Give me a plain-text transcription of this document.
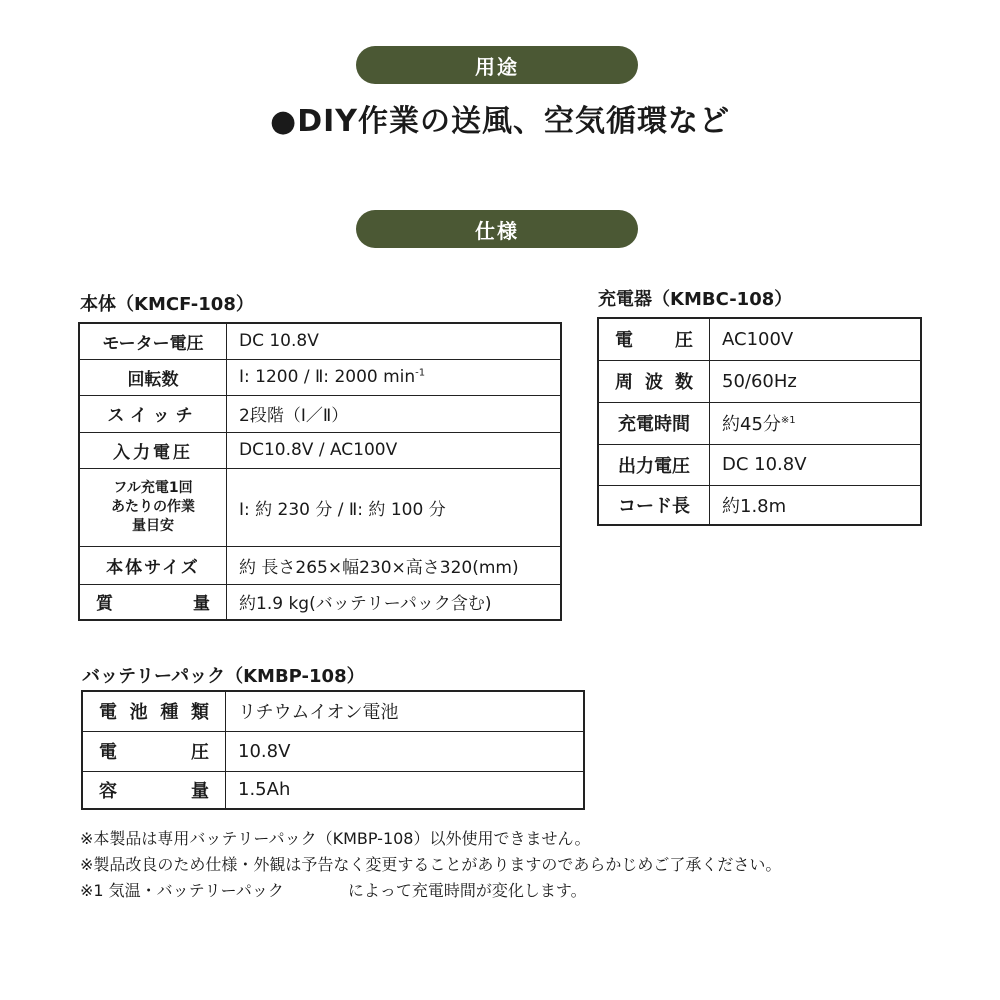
用途
●DIY作業の送風、空気循環など
仕様
本体（KMCF-108）
モーター電圧	DC 10.8V
回転数	Ⅰ: 1200 / Ⅱ: 2000 $\min^{-1}$
スイッチ	2段階（Ⅰ／Ⅱ）
入力電圧	DC10.8V / AC100V

フル充電1回
あたりの作業
量目安	Ⅰ: 約 230 分 / Ⅱ: 約 100 分
本体サイズ	約 長さ265×幅230×高さ320(mm)

質 量	約1.9 kg(バッテリーパック含む)
充電器（KMBC-108）
電 圧	AC100V

周 波 数	50/60Hz
充電時間	約45分$^{※1}$
出力電圧	DC 10.8V
コード長	約1.8m
バッテリーパック（KMBP-108）
電 池 種 類	リチウムイオン電池

電 圧	10.8V

容 量	1.5Ah
※本製品は専用バッテリーパック（KMBP-108）以外使用できません。
※製品改良のため仕様・外観は予告なく変更することがありますのであらかじめご了承ください。
※1 気温・バッテリーパック　　　　によって充電時間が変化します。
